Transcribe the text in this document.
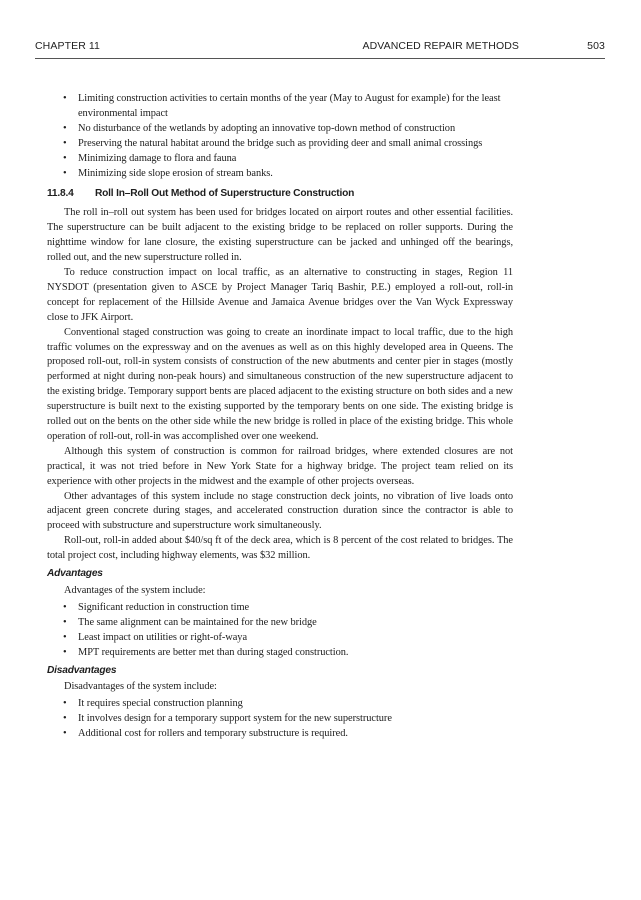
CHAPTER 11	ADVANCED REPAIR METHODS	503
• Limiting construction activities to certain months of the year (May to August for example) for the least environmental impact
• No disturbance of the wetlands by adopting an innovative top-down method of construction
• Preserving the natural habitat around the bridge such as providing deer and small animal crossings
• Minimizing damage to flora and fauna
• Minimizing side slope erosion of stream banks.
11.8.4 Roll In–Roll Out Method of Superstructure Construction

The roll in–roll out system has been used for bridges located on airport routes and other essential facilities. The superstructure can be built adjacent to the existing bridge to be replaced on roller supports. During the nighttime window for lane closure, the existing superstructure can be jacked and unhinged off the bearings, rolled out, and the new superstructure rolled in.

To reduce construction impact on local traffic, as an alternative to constructing in stages, Region 11 NYSDOT (presentation given to ASCE by Project Manager Tariq Bashir, P.E.) employed a roll-out, roll-in concept for replacement of the Hillside Avenue and Jamaica Avenue bridges over the Van Wyck Expressway close to JFK Airport.

Conventional staged construction was going to create an inordinate impact to local traffic, due to the high traffic volumes on the expressway and on the avenues as well as on this highly developed area in Queens. The proposed roll-out, roll-in system consists of construction of the new abutments and center pier in stages (mostly performed at night during non-peak hours) and simultaneous construction of the new superstructure adjacent to the existing bridge. Temporary support bents are placed adjacent to the existing structure on both sides and a new superstructure is built next to the existing supported by the temporary bents on one side. The existing bridge is rolled out on the bents on the other side while the new bridge is rolled in place of the existing bridge. This whole operation of roll-out, roll-in was accomplished over one weekend.

Although this system of construction is common for railroad bridges, where extended closures are not practical, it was not tried before in New York State for a highway bridge. The project team relied on its experience with other projects in the midwest and the example of other projects overseas.

Other advantages of this system include no stage construction deck joints, no vibration of live loads onto adjacent green concrete during stages, and accelerated construction duration since the contractor is able to proceed with substructure and superstructure work simultaneously.

Roll-out, roll-in added about $40/sq ft of the deck area, which is 8 percent of the cost related to bridges. The total project cost, including highway elements, was $32 million.

Advantages

Advantages of the system include:

• Significant reduction in construction time
• The same alignment can be maintained for the new bridge
• Least impact on utilities or right-of-waya
• MPT requirements are better met than during staged construction.
Disadvantages

Disadvantages of the system include:

• It requires special construction planning
• It involves design for a temporary support system for the new superstructure
• Additional cost for rollers and temporary substructure is required.
